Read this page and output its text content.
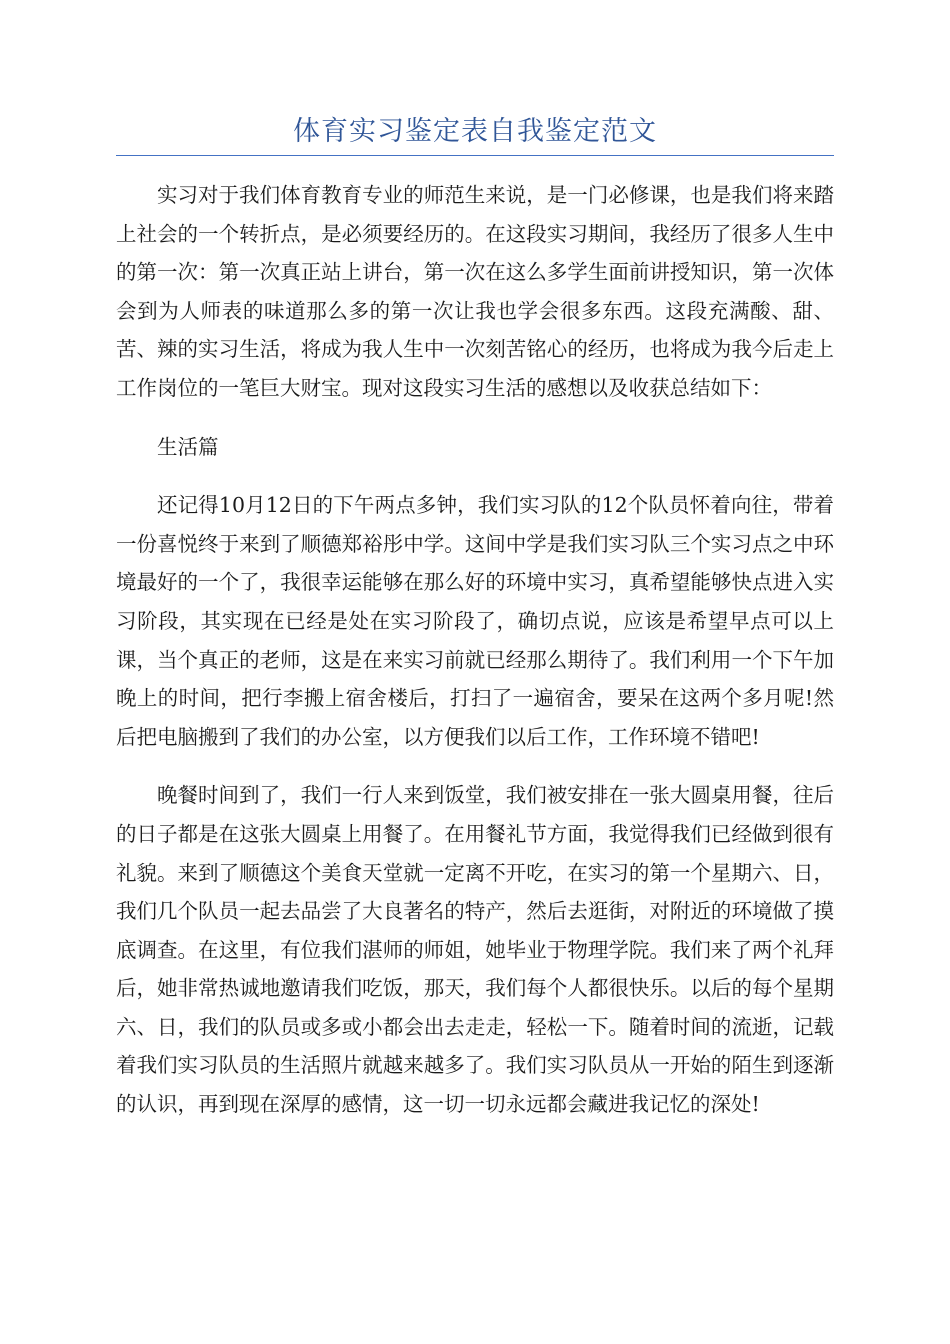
体育实习鉴定表自我鉴定范文

实习对于我们体育教育专业的师范生来说，是一门必修课，也是我们将来踏上社会的一个转折点，是必须要经历的。在这段实习期间，我经历了很多人生中的第一次：第一次真正站上讲台，第一次在这么多学生面前讲授知识，第一次体会到为人师表的味道那么多的第一次让我也学会很多东西。这段充满酸、甜、苦、辣的实习生活，将成为我人生中一次刻苦铭心的经历，也将成为我今后走上工作岗位的一笔巨大财宝。现对这段实习生活的感想以及收获总结如下：

生活篇

还记得10月12日的下午两点多钟，我们实习队的12个队员怀着向往，带着一份喜悦终于来到了顺德郑裕彤中学。这间中学是我们实习队三个实习点之中环境最好的一个了，我很幸运能够在那么好的环境中实习，真希望能够快点进入实习阶段，其实现在已经是处在实习阶段了，确切点说，应该是希望早点可以上课，当个真正的老师，这是在来实习前就已经那么期待了。我们利用一个下午加晚上的时间，把行李搬上宿舍楼后，打扫了一遍宿舍，要呆在这两个多月呢!然后把电脑搬到了我们的办公室，以方便我们以后工作，工作环境不错吧!

晚餐时间到了，我们一行人来到饭堂，我们被安排在一张大圆桌用餐，往后的日子都是在这张大圆桌上用餐了。在用餐礼节方面，我觉得我们已经做到很有礼貌。来到了顺德这个美食天堂就一定离不开吃，在实习的第一个星期六、日，我们几个队员一起去品尝了大良著名的特产，然后去逛街，对附近的环境做了摸底调查。在这里，有位我们湛师的师姐，她毕业于物理学院。我们来了两个礼拜后，她非常热诚地邀请我们吃饭，那天，我们每个人都很快乐。以后的每个星期六、日，我们的队员或多或小都会出去走走，轻松一下。随着时间的流逝，记载着我们实习队员的生活照片就越来越多了。我们实习队员从一开始的陌生到逐渐的认识，再到现在深厚的感情，这一切一切永远都会藏进我记忆的深处!
